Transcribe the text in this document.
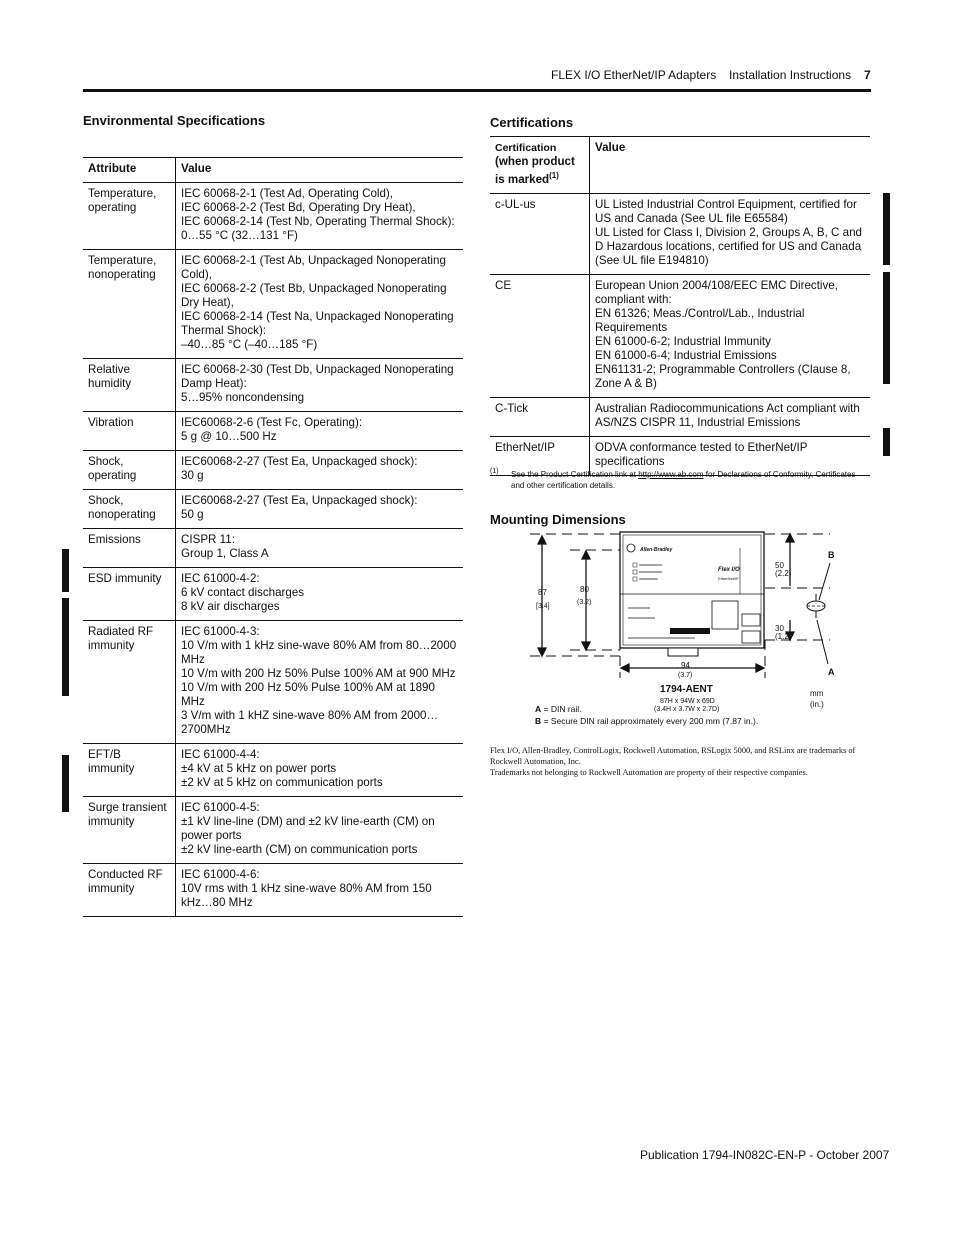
FLEX I/O EtherNet/IP Adapters Installation Instructions 7
Environmental Specifications
Attribute	Value
Temperature, operating	IEC 60068-2-1 (Test Ad, Operating Cold),
IEC 60068-2-2 (Test Bd, Operating Dry Heat),
IEC 60068-2-14 (Test Nb, Operating Thermal Shock):
0…55 °C (32…131 °F)

Temperature, nonoperating	IEC 60068-2-1 (Test Ab, Unpackaged Nonoperating Cold),
IEC 60068-2-2 (Test Bb, Unpackaged Nonoperating Dry Heat),
IEC 60068-2-14 (Test Na, Unpackaged Nonoperating Thermal Shock):
–40…85 °C (–40…185 °F)

Relative humidity	IEC 60068-2-30 (Test Db, Unpackaged Nonoperating Damp Heat):
5…95% noncondensing

Vibration	IEC60068-2-6 (Test Fc, Operating):
5 g @ 10…500 Hz

Shock, operating	IEC60068-2-27 (Test Ea, Unpackaged shock):
30 g

Shock, nonoperating	IEC60068-2-27 (Test Ea, Unpackaged shock):
50 g

Emissions	CISPR 11:
Group 1, Class A

ESD immunity	IEC 61000-4-2:
6 kV contact discharges
8 kV air discharges

Radiated RF immunity	IEC 61000-4-3:
10 V/m with 1 kHz sine-wave 80% AM from 80…2000 MHz
10 V/m with 200 Hz 50% Pulse 100% AM at 900 MHz
10 V/m with 200 Hz 50% Pulse 100% AM at 1890 MHz
3 V/m with 1 kHZ sine-wave 80% AM from 2000…2700MHz

EFT/B immunity	IEC 61000-4-4:
±4 kV at 5 kHz on power ports
±2 kV at 5 kHz on communication ports

Surge transient immunity	IEC 61000-4-5:
±1 kV line-line (DM) and ±2 kV line-earth (CM) on power ports
±2 kV line-earth (CM) on communication ports

Conducted RF immunity	IEC 61000-4-6:
10V rms with 1 kHz sine-wave 80% AM from 150 kHz…80 MHz
Certifications
Certification
(when product is marked$^{(1)}$	Value
c-UL-us	UL Listed Industrial Control Equipment, certified for US and Canada (See UL file E65584)
UL Listed for Class I, Division 2, Groups A, B, C and D Hazardous locations, certified for US and Canada (See UL file E194810)

CE	European Union 2004/108/EEC EMC Directive, compliant with:
EN 61326; Meas./Control/Lab., Industrial Requirements
EN 61000-6-2; Industrial Immunity
EN 61000-6-4; Industrial Emissions
EN61131-2; Programmable Controllers (Clause 8, Zone A & B)

C-Tick	Australian Radiocommunications Act compliant with AS/NZS CISPR 11, Industrial Emissions

EtherNet/IP	ODVA conformance tested to EtherNet/IP specifications
(1) See the Product Certification link at http://www.ab.com for Declarations of Conformity, Certificates and other certification details.
Mounting Dimensions
Allen-Bradley
Flex I/O
EtherNet/IP
87
[3.4]
80
(3.2)
50
(2.2)
30
(1.2)
94
(3.7)
B
A
1794-AENT
87H x 94W x 69D
(3.4H x 3.7W x 2.7D)
mm
(in.)
A = DIN rail.
B = Secure DIN rail approximately every 200 mm (7.87 in.).
Flex I/O, Allen-Bradley, ControlLogix, Rockwell Automation, RSLogix 5000, and RSLinx are trademarks of Rockwell Automation, Inc.
Trademarks not belonging to Rockwell Automation are property of their respective companies.
Publication 1794-IN082C-EN-P - October 2007
